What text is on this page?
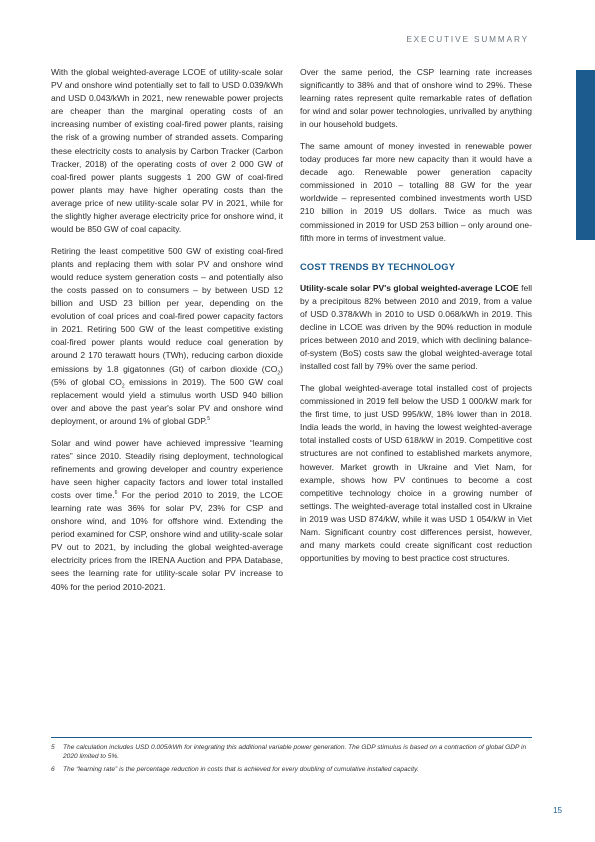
EXECUTIVE SUMMARY

With the global weighted-average LCOE of utility-scale solar PV and onshore wind potentially set to fall to USD 0.039/kWh and USD 0.043/kWh in 2021, new renewable power projects are cheaper than the marginal operating costs of an increasing number of existing coal-fired power plants, raising the risk of a growing number of stranded assets. Comparing these electricity costs to analysis by Carbon Tracker (Carbon Tracker, 2018) of the operating costs of over 2 000 GW of coal-fired power plants suggests 1 200 GW of coal-fired power plants may have higher operating costs than the average price of new utility-scale solar PV in 2021, while for the slightly higher average electricity price for onshore wind, it would be 850 GW of coal capacity.

Retiring the least competitive 500 GW of existing coal-fired plants and replacing them with solar PV and onshore wind would reduce system generation costs – and potentially also the costs passed on to consumers – by between USD 12 billion and USD 23 billion per year, depending on the evolution of coal prices and coal-fired power capacity factors in 2021. Retiring 500 GW of the least competitive existing coal-fired power plants would reduce coal generation by around 2 170 terawatt hours (TWh), reducing carbon dioxide emissions by 1.8 gigatonnes (Gt) of carbon dioxide $(CO_2)$ (5% of global $CO_2$ emissions in 2019). The 500 GW coal replacement would yield a stimulus worth USD 940 billion over and above the past year's solar PV and onshore wind deployment, or around 1% of global GDP.$^5$

Solar and wind power have achieved impressive “learning rates” since 2010. Steadily rising deployment, technological refinements and growing developer and country experience have seen higher capacity factors and lower total installed costs over time.$^6$ For the period 2010 to 2019, the LCOE learning rate was 36% for solar PV, 23% for CSP and onshore wind, and 10% for offshore wind. Extending the period examined for CSP, onshore wind and utility-scale solar PV out to 2021, by including the global weighted-average electricity prices from the IRENA Auction and PPA Database, sees the learning rate for utility-scale solar PV increase to 40% for the period 2010-2021.

Over the same period, the CSP learning rate increases significantly to 38% and that of onshore wind to 29%. These learning rates represent quite remarkable rates of deflation for wind and solar power technologies, unrivalled by anything in our household budgets.

The same amount of money invested in renewable power today produces far more new capacity than it would have a decade ago. Renewable power generation capacity commissioned in 2010 – totalling 88 GW for the year worldwide – represented combined investments worth USD 210 billion in 2019 US dollars. Twice as much was commissioned in 2019 for USD 253 billion – only around one-fifth more in terms of investment value.

COST TRENDS BY TECHNOLOGY

Utility-scale solar PV's global weighted-average LCOE fell by a precipitous 82% between 2010 and 2019, from a value of USD 0.378/kWh in 2010 to USD 0.068/kWh in 2019. This decline in LCOE was driven by the 90% reduction in module prices between 2010 and 2019, which with declining balance-of-system (BoS) costs saw the global weighted-average total installed cost fall by 79% over the same period.

The global weighted-average total installed cost of projects commissioned in 2019 fell below the USD 1 000/kW mark for the first time, to just USD 995/kW, 18% lower than in 2018. India leads the world, in having the lowest weighted-average total installed costs of USD 618/kW in 2019. Competitive cost structures are not confined to established markets anymore, however. Market growth in Ukraine and Viet Nam, for example, shows how PV continues to become a cost competitive technology choice in a growing number of settings. The weighted-average total installed cost in Ukraine in 2019 was USD 874/kW, while it was USD 1 054/kW in Viet Nam. Significant country cost differences persist, however, and many markets could create significant cost reduction opportunities by moving to best practice cost structures.

5 The calculation includes USD 0.005/kWh for integrating this additional variable power generation. The GDP stimulus is based on a contraction of global GDP in 2020 limited to 5%.
6 The “learning rate” is the percentage reduction in costs that is achieved for every doubling of cumulative installed capacity.
15
